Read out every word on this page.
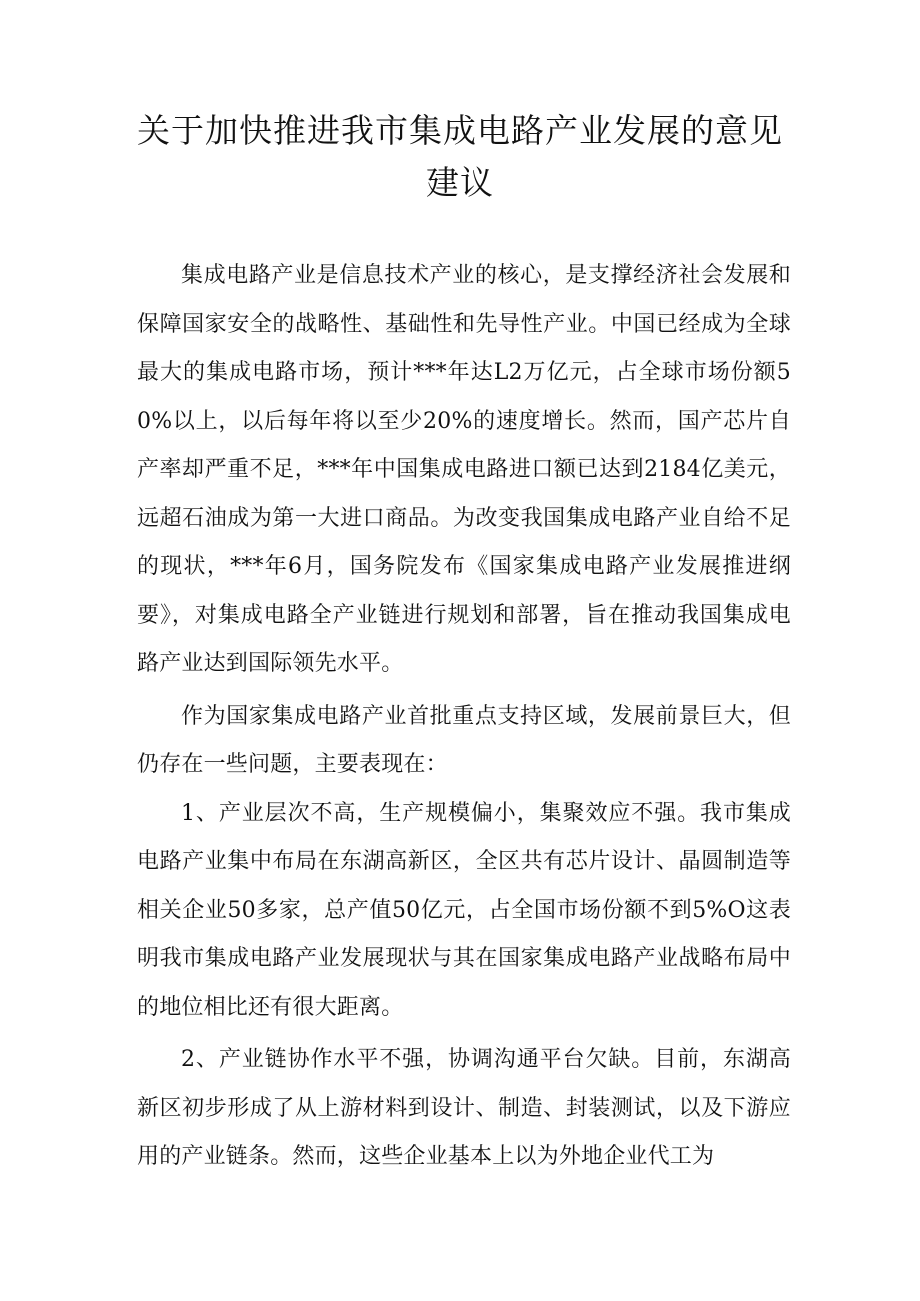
关于加快推进我市集成电路产业发展的意见建议

集成电路产业是信息技术产业的核心，是支撑经济社会发展和保障国家安全的战略性、基础性和先导性产业。中国已经成为全球最大的集成电路市场，预计***年达L2万亿元，占全球市场份额50%以上，以后每年将以至少20%的速度增长。然而，国产芯片自产率却严重不足，***年中国集成电路进口额已达到2184亿美元，远超石油成为第一大进口商品。为改变我国集成电路产业自给不足的现状，***年6月，国务院发布《国家集成电路产业发展推进纲要》，对集成电路全产业链进行规划和部署，旨在推动我国集成电路产业达到国际领先水平。

作为国家集成电路产业首批重点支持区域，发展前景巨大，但仍存在一些问题，主要表现在：

1、产业层次不高，生产规模偏小，集聚效应不强。我市集成电路产业集中布局在东湖高新区，全区共有芯片设计、晶圆制造等相关企业50多家，总产值50亿元，占全国市场份额不到5%O这表明我市集成电路产业发展现状与其在国家集成电路产业战略布局中的地位相比还有很大距离。

2、产业链协作水平不强，协调沟通平台欠缺。目前，东湖高新区初步形成了从上游材料到设计、制造、封装测试，以及下游应用的产业链条。然而，这些企业基本上以为外地企业代工为
